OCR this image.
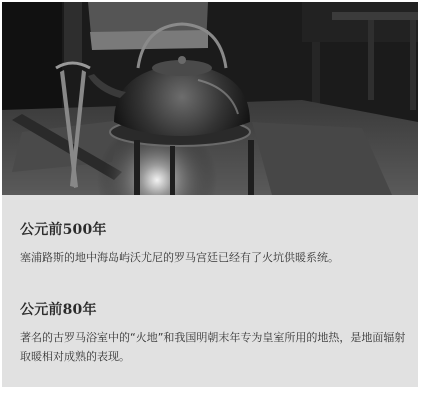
公元前500年

塞浦路斯的地中海岛屿沃尤尼的罗马宫廷已经有了火坑供暖系统。

公元前80年

著名的古罗马浴室中的“火地”和我国明朝末年专为皇室所用的地热，是地面辐射取暖相对成熟的表现。
